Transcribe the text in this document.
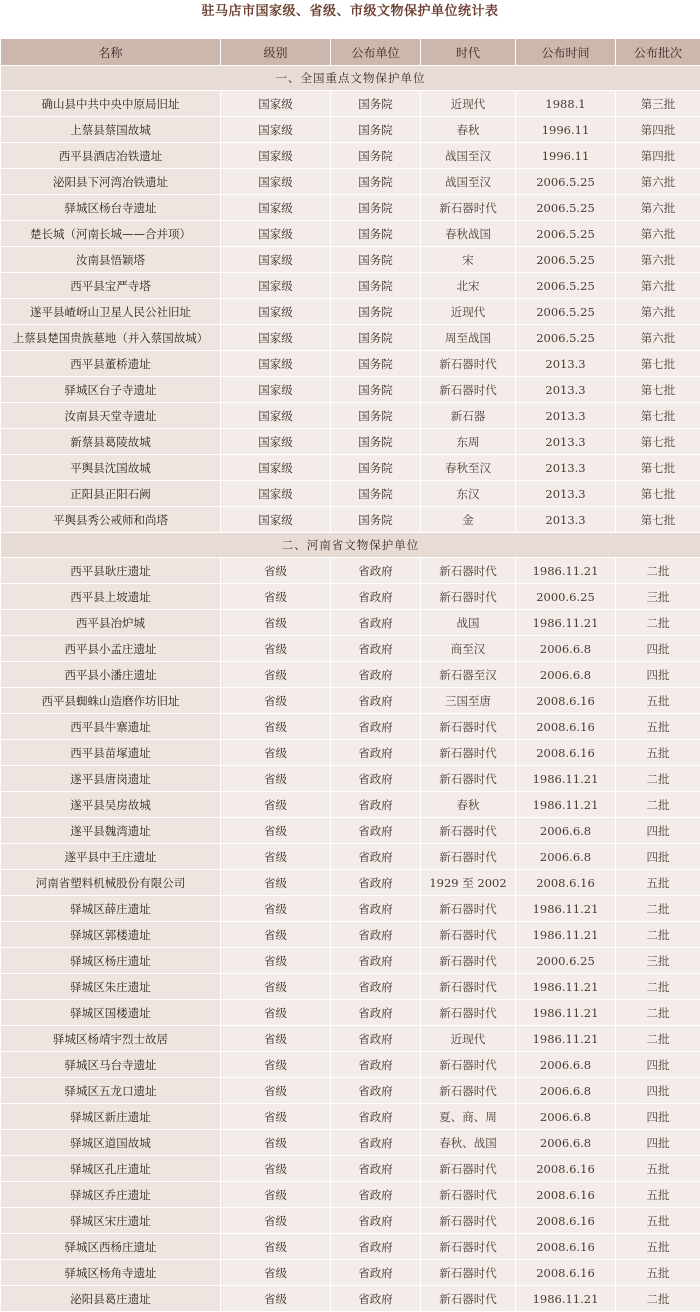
驻马店市国家级、省级、市级文物保护单位统计表
名称	级别	公布单位	时代	公布时间	公布批次
一、全国重点文物保护单位					
确山县中共中央中原局旧址	国家级	国务院	近现代	1988.1	第三批
上蔡县蔡国故城	国家级	国务院	春秋	1996.11	第四批
西平县酒店冶铁遗址	国家级	国务院	战国至汉	1996.11	第四批
泌阳县下河湾冶铁遗址	国家级	国务院	战国至汉	2006.5.25	第六批
驿城区杨台寺遗址	国家级	国务院	新石器时代	2006.5.25	第六批
楚长城（河南长城——合并项）	国家级	国务院	春秋战国	2006.5.25	第六批
汝南县悟颖塔	国家级	国务院	宋	2006.5.25	第六批
西平县宝严寺塔	国家级	国务院	北宋	2006.5.25	第六批
遂平县嵖岈山卫星人民公社旧址	国家级	国务院	近现代	2006.5.25	第六批
上蔡县楚国贵族墓地（并入蔡国故城）	国家级	国务院	周至战国	2006.5.25	第六批
西平县董桥遗址	国家级	国务院	新石器时代	2013.3	第七批
驿城区台子寺遗址	国家级	国务院	新石器时代	2013.3	第七批
汝南县天堂寺遗址	国家级	国务院	新石器	2013.3	第七批
新蔡县葛陵故城	国家级	国务院	东周	2013.3	第七批
平舆县沈国故城	国家级	国务院	春秋至汉	2013.3	第七批
正阳县正阳石阙	国家级	国务院	东汉	2013.3	第七批
平舆县秀公戒师和尚塔	国家级	国务院	金	2013.3	第七批
二、河南省文物保护单位					
西平县耿庄遗址	省级	省政府	新石器时代	1986.11.21	二批
西平县上坡遗址	省级	省政府	新石器时代	2000.6.25	三批
西平县冶炉城	省级	省政府	战国	1986.11.21	二批
西平县小孟庄遗址	省级	省政府	商至汉	2006.6.8	四批
西平县小潘庄遗址	省级	省政府	新石器至汉	2006.6.8	四批
西平县蜘蛛山造磨作坊旧址	省级	省政府	三国至唐	2008.6.16	五批
西平县牛寨遗址	省级	省政府	新石器时代	2008.6.16	五批
西平县苗塚遗址	省级	省政府	新石器时代	2008.6.16	五批
遂平县唐岗遗址	省级	省政府	新石器时代	1986.11.21	二批
遂平县吴房故城	省级	省政府	春秋	1986.11.21	二批
遂平县魏湾遗址	省级	省政府	新石器时代	2006.6.8	四批
遂平县中王庄遗址	省级	省政府	新石器时代	2006.6.8	四批
河南省塑料机械股份有限公司	省级	省政府	1929 至 2002	2008.6.16	五批
驿城区薛庄遗址	省级	省政府	新石器时代	1986.11.21	二批
驿城区郭楼遗址	省级	省政府	新石器时代	1986.11.21	二批
驿城区杨庄遗址	省级	省政府	新石器时代	2000.6.25	三批
驿城区朱庄遗址	省级	省政府	新石器时代	1986.11.21	二批
驿城区国楼遗址	省级	省政府	新石器时代	1986.11.21	二批
驿城区杨靖宇烈士故居	省级	省政府	近现代	1986.11.21	二批
驿城区马台寺遗址	省级	省政府	新石器时代	2006.6.8	四批
驿城区五龙口遗址	省级	省政府	新石器时代	2006.6.8	四批
驿城区新庄遗址	省级	省政府	夏、商、周	2006.6.8	四批
驿城区道国故城	省级	省政府	春秋、战国	2006.6.8	四批
驿城区孔庄遗址	省级	省政府	新石器时代	2008.6.16	五批
驿城区乔庄遗址	省级	省政府	新石器时代	2008.6.16	五批
驿城区宋庄遗址	省级	省政府	新石器时代	2008.6.16	五批
驿城区西杨庄遗址	省级	省政府	新石器时代	2008.6.16	五批
驿城区杨角寺遗址	省级	省政府	新石器时代	2008.6.16	五批
泌阳县葛庄遗址	省级	省政府	新石器时代	1986.11.21	二批
